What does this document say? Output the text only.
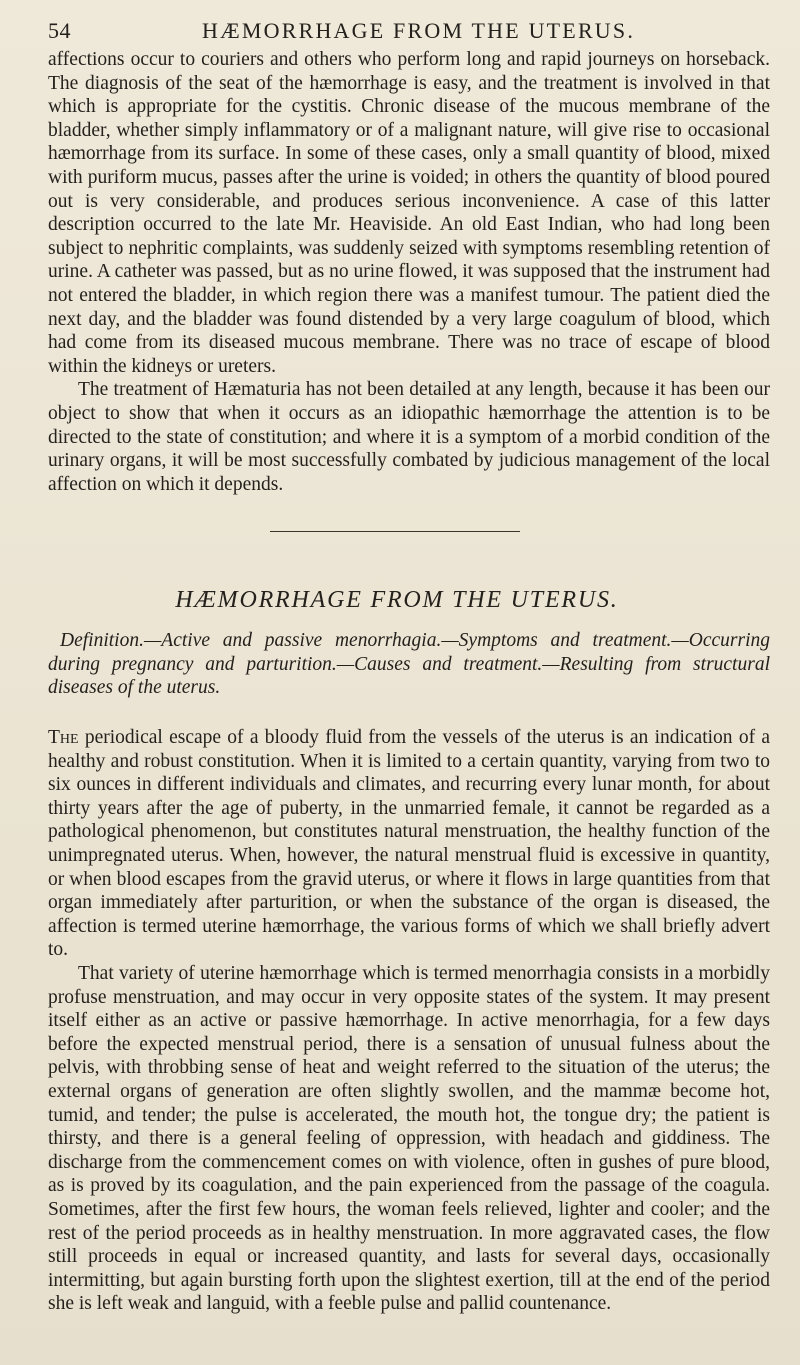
54	HÆMORRHAGE FROM THE UTERUS.

affections occur to couriers and others who perform long and rapid journeys on horseback. The diagnosis of the seat of the hæmorrhage is easy, and the treatment is involved in that which is appropriate for the cystitis. Chronic disease of the mucous membrane of the bladder, whether simply inflammatory or of a malignant nature, will give rise to occasional hæmorrhage from its surface. In some of these cases, only a small quantity of blood, mixed with puriform mucus, passes after the urine is voided; in others the quantity of blood poured out is very considerable, and produces serious inconvenience. A case of this latter description occurred to the late Mr. Heaviside. An old East Indian, who had long been subject to nephritic complaints, was suddenly seized with symptoms resembling retention of urine. A catheter was passed, but as no urine flowed, it was supposed that the instrument had not entered the bladder, in which region there was a manifest tumour. The patient died the next day, and the bladder was found distended by a very large coagulum of blood, which had come from its diseased mucous membrane. There was no trace of escape of blood within the kidneys or ureters.

The treatment of Hæmaturia has not been detailed at any length, because it has been our object to show that when it occurs as an idiopathic hæmorrhage the attention is to be directed to the state of constitution; and where it is a symptom of a morbid condition of the urinary organs, it will be most successfully combated by judicious management of the local affection on which it depends.

HÆMORRHAGE FROM THE UTERUS.

Definition.—Active and passive menorrhagia.—Symptoms and treatment.—Occurring during pregnancy and parturition.—Causes and treatment.—Resulting from structural diseases of the uterus.

The periodical escape of a bloody fluid from the vessels of the uterus is an indication of a healthy and robust constitution. When it is limited to a certain quantity, varying from two to six ounces in different individuals and climates, and recurring every lunar month, for about thirty years after the age of puberty, in the unmarried female, it cannot be regarded as a pathological phenomenon, but constitutes natural menstruation, the healthy function of the unimpregnated uterus. When, however, the natural menstrual fluid is excessive in quantity, or when blood escapes from the gravid uterus, or where it flows in large quantities from that organ immediately after parturition, or when the substance of the organ is diseased, the affection is termed uterine hæmorrhage, the various forms of which we shall briefly advert to.

That variety of uterine hæmorrhage which is termed menorrhagia consists in a morbidly profuse menstruation, and may occur in very opposite states of the system. It may present itself either as an active or passive hæmorrhage. In active menorrhagia, for a few days before the expected menstrual period, there is a sensation of unusual fulness about the pelvis, with throbbing sense of heat and weight referred to the situation of the uterus; the external organs of generation are often slightly swollen, and the mammæ become hot, tumid, and tender; the pulse is accelerated, the mouth hot, the tongue dry; the patient is thirsty, and there is a general feeling of oppression, with headach and giddiness. The discharge from the commencement comes on with violence, often in gushes of pure blood, as is proved by its coagulation, and the pain experienced from the passage of the coagula. Sometimes, after the first few hours, the woman feels relieved, lighter and cooler; and the rest of the period proceeds as in healthy menstruation. In more aggravated cases, the flow still proceeds in equal or increased quantity, and lasts for several days, occasionally intermitting, but again bursting forth upon the slightest exertion, till at the end of the period she is left weak and languid, with a feeble pulse and pallid countenance.
